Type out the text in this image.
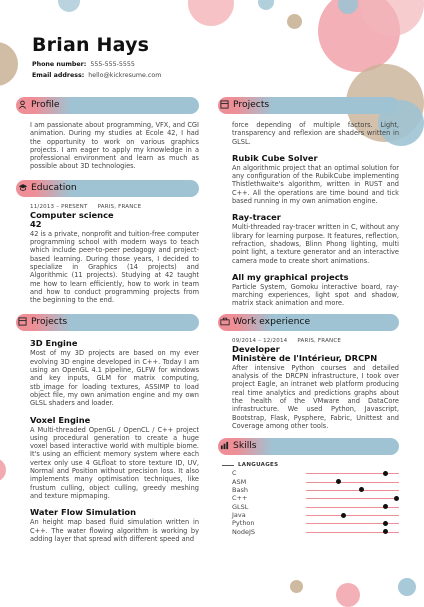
Brian Hays
Phone number: 555-555-5555
Email address: hello@kickresume.com
Profile

I am passionate about programming, VFX, and CGI animation. During my studies at Ecole 42, I had the opportunity to work on various graphics projects. I am eager to apply my knowledge in a professional environment and learn as much as possible about 3D technologies.

Education
11/2013 – PRESENT PARIS, FRANCE
Computer science
42

42 is a private, nonprofit and tuition-free computer programming school with modern ways to teach which include peer-to-peer pedagogy and project-based learning. During those years, I decided to specialize in Graphics (14 projects) and Algorithmic (11 projects). Studying at 42 taught me how to learn efficiently, how to work in team and how to conduct programming projects from the beginning to the end.

Projects
3D Engine

Most of my 3D projects are based on my ever evolving 3D engine developed in C++. Today I am using an OpenGL 4.1 pipeline, GLFW for windows and key inputs, GLM for matrix computing, stb_image for loading textures, ASSIMP to load object file, my own animation engine and my own GLSL shaders and loader.

Voxel Engine

A Multi-threaded OpenGL / OpenCL / C++ project using procedural generation to create a huge voxel based interactive world with multiple biome. It's using an efficient memory system where each vertex only use 4 GLfloat to store texture ID, UV, Normal and Position without precision loss. It also implements many optimisation techniques, like frustum culling, object culling, greedy meshing and texture mipmaping.

Water Flow Simulation

An height map based fluid simulation written in C++. The water flowing algorithm is working by adding layer that spread with different speed and

Projects

force depending of multiple factors. Light, transparency and reflexion are shaders written in GLSL.

Rubik Cube Solver

An algorithmic project that an optimal solution for any configuration of the RubikCube implementing Thistlethwaite's algorithm, written in RUST and C++. All the operations are time bound and tick based running in my own animation engine.

Ray-tracer

Multi-threaded ray-tracer written in C, without any library for learning purpose. It features, reflection, refraction, shadows, Blinn Phong lighting, multi point light, a texture generator and an interactive camera mode to create short animations.

All my graphical projects

Particle System, Gomoku interactive board, ray-marching experiences, light spot and shadow, matrix stack animation and more.

Work experience
09/2014 – 12/2014 PARIS, FRANCE
Developer
Ministère de l'Intérieur, DRCPN

After intensive Python courses and detailed analysis of the DRCPN infrastructure, I took over project Eagle, an intranet web platform producing real time analytics and predictions graphs about the health of the VMware and DataCore infrastructure. We used Python, Javascript, Bootstrap, Flask, Pysphere, Fabric, Unittest and Coverage among other tools.

Skills
LANGUAGES
C
ASM
Bash
C++
GLSL
Java
Python
NodeJS
